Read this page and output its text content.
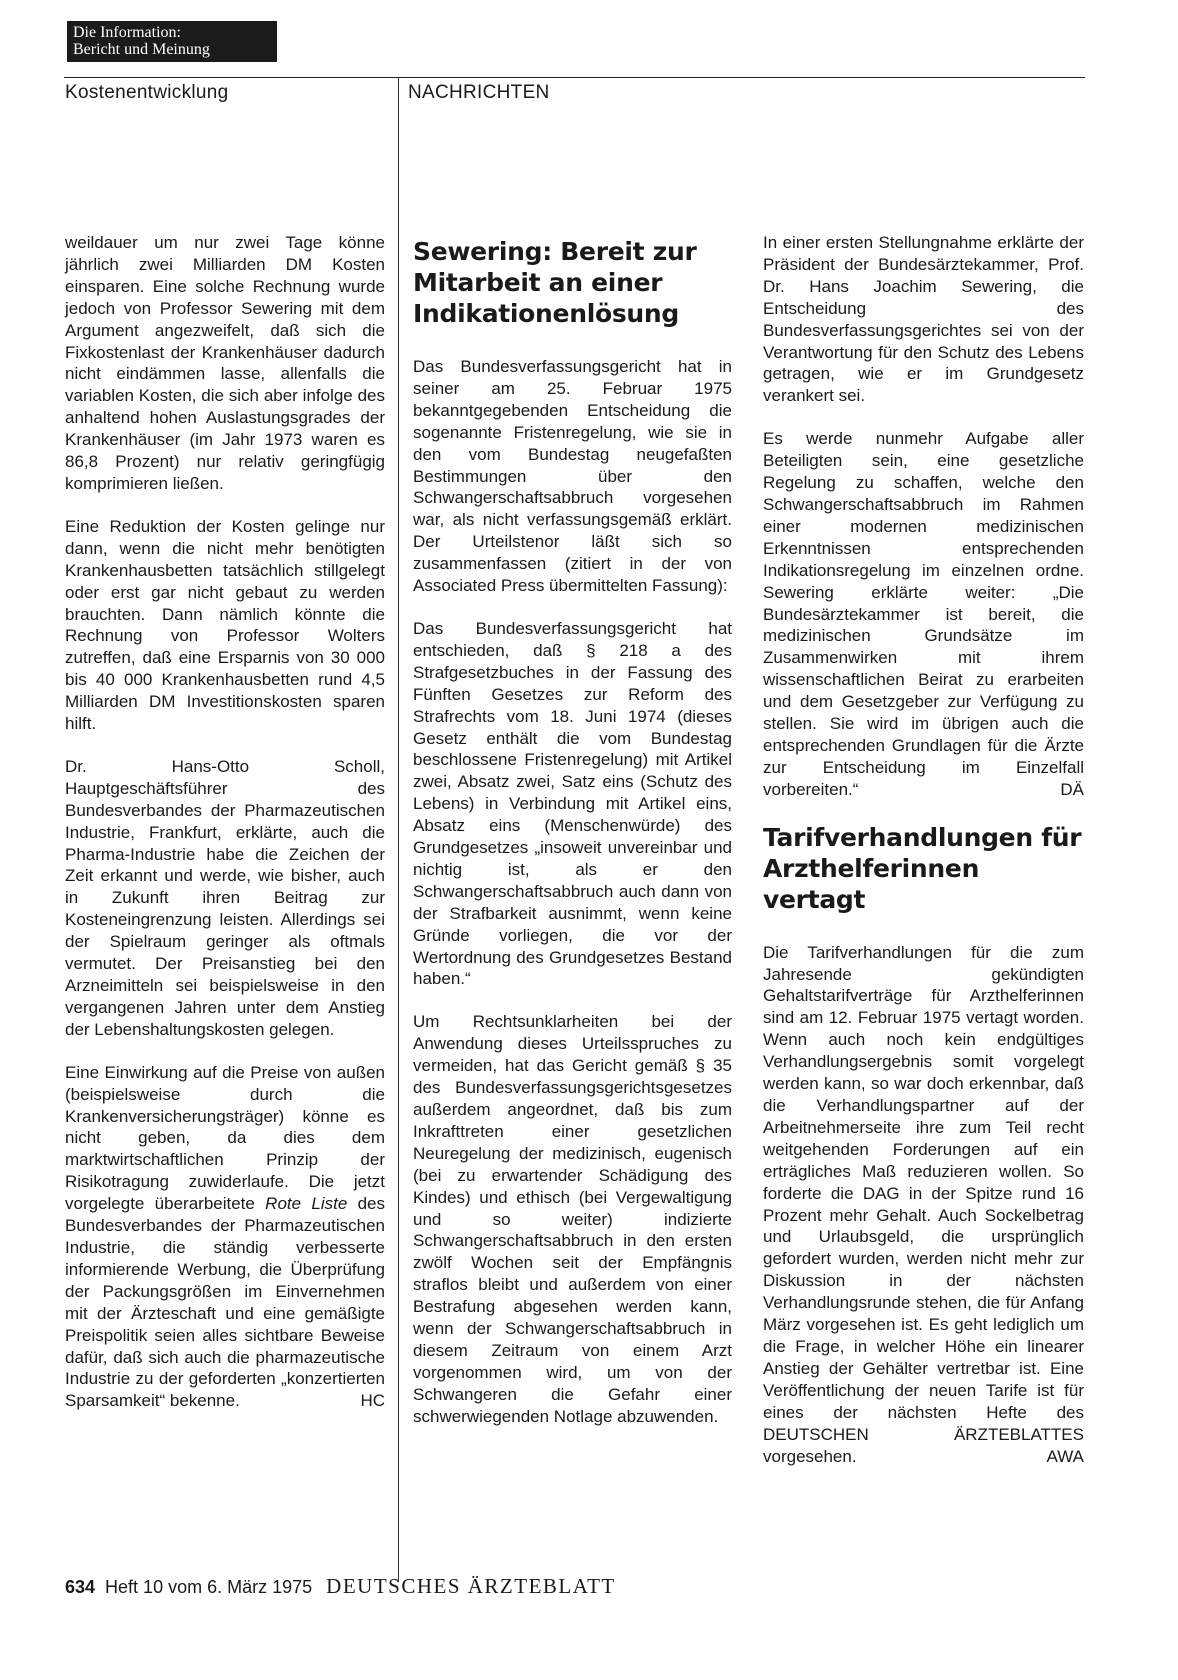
Die Information:
Bericht und Meinung
Kostenentwicklung	NACHRICHTEN

weildauer um nur zwei Tage könne jährlich zwei Milliarden DM Kosten einsparen. Eine solche Rechnung wurde jedoch von Professor Sewering mit dem Argument angezweifelt, daß sich die Fixkostenlast der Krankenhäuser dadurch nicht eindämmen lasse, allenfalls die variablen Kosten, die sich aber infolge des anhaltend hohen Auslastungsgrades der Krankenhäuser (im Jahr 1973 waren es 86,8 Prozent) nur relativ geringfügig komprimieren ließen.

Eine Reduktion der Kosten gelinge nur dann, wenn die nicht mehr benötigten Krankenhausbetten tatsächlich stillgelegt oder erst gar nicht gebaut zu werden brauchten. Dann nämlich könnte die Rechnung von Professor Wolters zutreffen, daß eine Ersparnis von 30 000 bis 40 000 Krankenhausbetten rund 4,5 Milliarden DM Investitionskosten sparen hilft.

Dr. Hans-Otto Scholl, Hauptgeschäftsführer des Bundesverbandes der Pharmazeutischen Industrie, Frankfurt, erklärte, auch die Pharma-Industrie habe die Zeichen der Zeit erkannt und werde, wie bisher, auch in Zukunft ihren Beitrag zur Kosteneingrenzung leisten. Allerdings sei der Spielraum geringer als oftmals vermutet. Der Preisanstieg bei den Arzneimitteln sei beispielsweise in den vergangenen Jahren unter dem Anstieg der Lebenshaltungskosten gelegen.

Eine Einwirkung auf die Preise von außen (beispielsweise durch die Krankenversicherungsträger) könne es nicht geben, da dies dem marktwirtschaftlichen Prinzip der Risikotragung zuwiderlaufe. Die jetzt vorgelegte überarbeitete Rote Liste des Bundesverbandes der Pharmazeutischen Industrie, die ständig verbesserte informierende Werbung, die Überprüfung der Packungsgrößen im Einvernehmen mit der Ärzteschaft und eine gemäßigte Preispolitik seien alles sichtbare Beweise dafür, daß sich auch die pharmazeutische Industrie zu der geforderten „konzertierten Sparsamkeit“ bekenne.	HC

Sewering: Bereit zur Mitarbeit an einer Indikationenlösung

Das Bundesverfassungsgericht hat in seiner am 25. Februar 1975 bekanntgegebenden Entscheidung die sogenannte Fristenregelung, wie sie in den vom Bundestag neugefaßten Bestimmungen über den Schwangerschaftsabbruch vorgesehen war, als nicht verfassungsgemäß erklärt. Der Urteilstenor läßt sich so zusammenfassen (zitiert in der von Associated Press übermittelten Fassung):

Das Bundesverfassungsgericht hat entschieden, daß § 218 a des Strafgesetzbuches in der Fassung des Fünften Gesetzes zur Reform des Strafrechts vom 18. Juni 1974 (dieses Gesetz enthält die vom Bundestag beschlossene Fristenregelung) mit Artikel zwei, Absatz zwei, Satz eins (Schutz des Lebens) in Verbindung mit Artikel eins, Absatz eins (Menschenwürde) des Grundgesetzes „insoweit unvereinbar und nichtig ist, als er den Schwangerschaftsabbruch auch dann von der Strafbarkeit ausnimmt, wenn keine Gründe vorliegen, die vor der Wertordnung des Grundgesetzes Bestand haben.“

Um Rechtsunklarheiten bei der Anwendung dieses Urteilsspruches zu vermeiden, hat das Gericht gemäß § 35 des Bundesverfassungsgerichtsgesetzes außerdem angeordnet, daß bis zum Inkrafttreten einer gesetzlichen Neuregelung der medizinisch, eugenisch (bei zu erwartender Schädigung des Kindes) und ethisch (bei Vergewaltigung und so weiter) indizierte Schwangerschaftsabbruch in den ersten zwölf Wochen seit der Empfängnis straflos bleibt und außerdem von einer Bestrafung abgesehen werden kann, wenn der Schwangerschaftsabbruch in diesem Zeitraum von einem Arzt vorgenommen wird, um von der Schwangeren die Gefahr einer schwerwiegenden Notlage abzuwenden.

In einer ersten Stellungnahme erklärte der Präsident der Bundesärztekammer, Prof. Dr. Hans Joachim Sewering, die Entscheidung des Bundesverfassungsgerichtes sei von der Verantwortung für den Schutz des Lebens getragen, wie er im Grundgesetz verankert sei.

Es werde nunmehr Aufgabe aller Beteiligten sein, eine gesetzliche Regelung zu schaffen, welche den Schwangerschaftsabbruch im Rahmen einer modernen medizinischen Erkenntnissen entsprechenden Indikationsregelung im einzelnen ordne. Sewering erklärte weiter: „Die Bundesärztekammer ist bereit, die medizinischen Grundsätze im Zusammenwirken mit ihrem wissenschaftlichen Beirat zu erarbeiten und dem Gesetzgeber zur Verfügung zu stellen. Sie wird im übrigen auch die entsprechenden Grundlagen für die Ärzte zur Entscheidung im Einzelfall vorbereiten.“	DÄ

Tarifverhandlungen für Arzthelferinnen vertagt

Die Tarifverhandlungen für die zum Jahresende gekündigten Gehaltstarifverträge für Arzthelferinnen sind am 12. Februar 1975 vertagt worden. Wenn auch noch kein endgültiges Verhandlungsergebnis somit vorgelegt werden kann, so war doch erkennbar, daß die Verhandlungspartner auf der Arbeitnehmerseite ihre zum Teil recht weitgehenden Forderungen auf ein erträgliches Maß reduzieren wollen. So forderte die DAG in der Spitze rund 16 Prozent mehr Gehalt. Auch Sockelbetrag und Urlaubsgeld, die ursprünglich gefordert wurden, werden nicht mehr zur Diskussion in der nächsten Verhandlungsrunde stehen, die für Anfang März vorgesehen ist. Es geht lediglich um die Frage, in welcher Höhe ein linearer Anstieg der Gehälter vertretbar ist. Eine Veröffentlichung der neuen Tarife ist für eines der nächsten Hefte des DEUTSCHEN ÄRZTEBLATTES vorgesehen.	AWA

634 Heft 10 vom 6. März 1975 DEUTSCHES ÄRZTEBLATT
